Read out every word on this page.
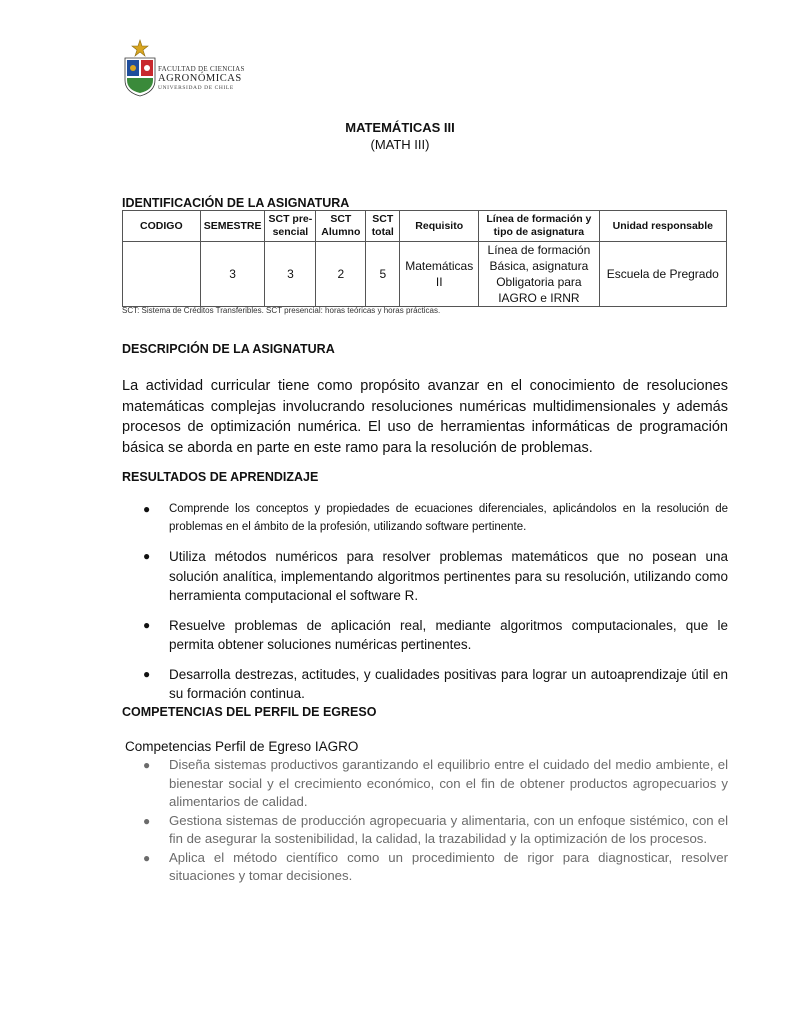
FACULTAD DE CIENCIAS
AGRONÓMICAS
UNIVERSIDAD DE CHILE
MATEMÁTICAS III
(MATH III)
IDENTIFICACIÓN DE LA ASIGNATURA
CODIGO	SEMESTRE	SCT pre-sencial	SCT Alumno	SCT total	Requisito	Línea de formación y tipo de asignatura	Unidad responsable
	3	3	2	5	Matemáticas II	Línea de formación Básica, asignatura Obligatoria para IAGRO e IRNR	Escuela de Pregrado
SCT: Sistema de Créditos Transferibles. SCT presencial: horas teóricas y horas prácticas.
DESCRIPCIÓN DE LA ASIGNATURA
La actividad curricular tiene como propósito avanzar en el conocimiento de resoluciones matemáticas complejas involucrando resoluciones numéricas multidimensionales y además procesos de optimización numérica. El uso de herramientas informáticas de programación básica se aborda en parte en este ramo para la resolución de problemas.
RESULTADOS DE APRENDIZAJE
● Comprende los conceptos y propiedades de ecuaciones diferenciales, aplicándolos en la resolución de problemas en el ámbito de la profesión, utilizando software pertinente.
● Utiliza métodos numéricos para resolver problemas matemáticos que no posean una solución analítica, implementando algoritmos pertinentes para su resolución, utilizando como herramienta computacional el software R.
● Resuelve problemas de aplicación real, mediante algoritmos computacionales, que le permita obtener soluciones numéricas pertinentes.
● Desarrolla destrezas, actitudes, y cualidades positivas para lograr un autoaprendizaje útil en su formación continua.
COMPETENCIAS DEL PERFIL DE EGRESO
Competencias Perfil de Egreso IAGRO
● Diseña sistemas productivos garantizando el equilibrio entre el cuidado del medio ambiente, el bienestar social y el crecimiento económico, con el fin de obtener productos agropecuarios y alimentarios de calidad.
● Gestiona sistemas de producción agropecuaria y alimentaria, con un enfoque sistémico, con el fin de asegurar la sostenibilidad, la calidad, la trazabilidad y la optimización de los procesos.
● Aplica el método científico como un procedimiento de rigor para diagnosticar, resolver situaciones y tomar decisiones.
